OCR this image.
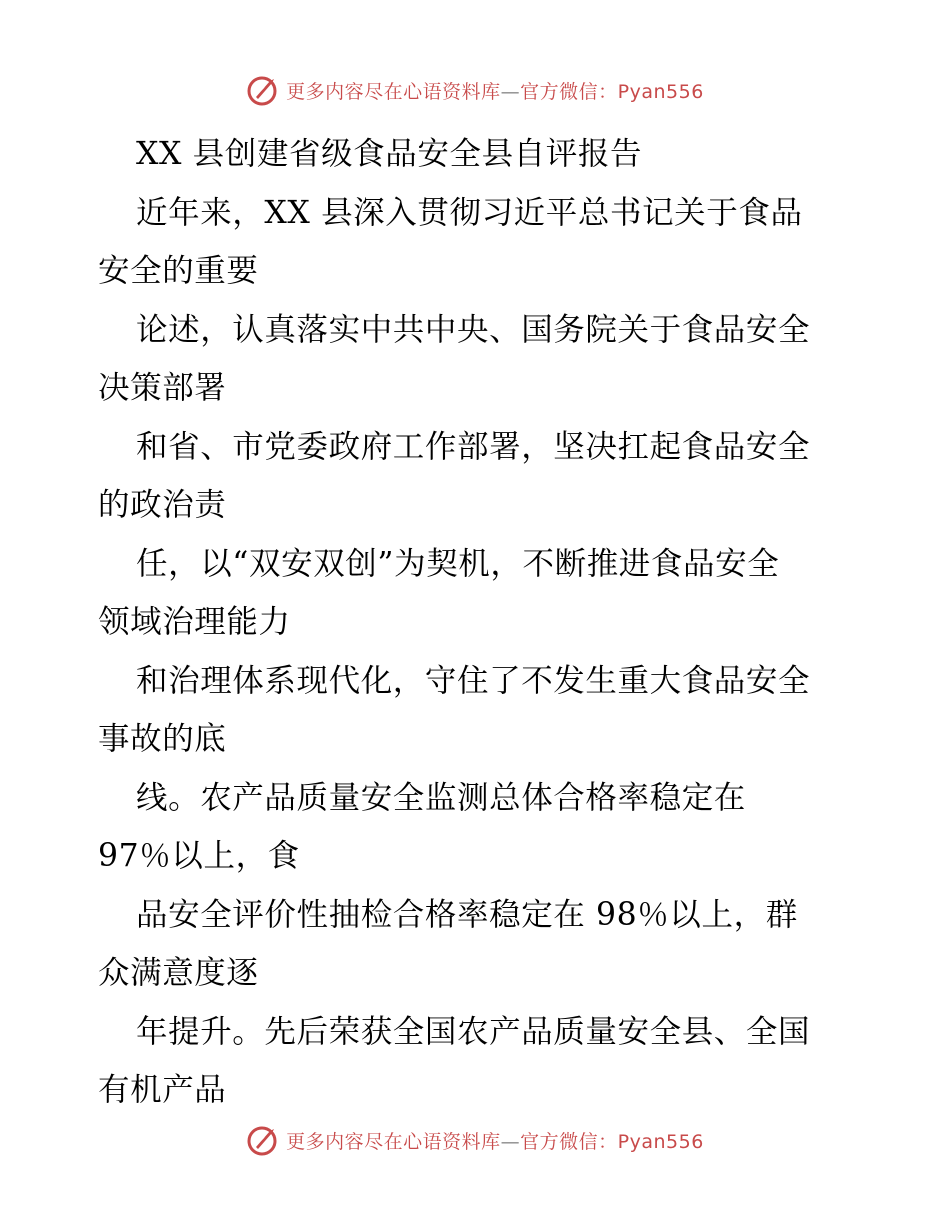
更多内容尽在心语资料库—官方微信：Pyan556
XX 县创建省级食品安全县自评报告
近年来，XX 县深入贯彻习近平总书记关于食品
安全的重要
论述，认真落实中共中央、国务院关于食品安全
决策部署
和省、市党委政府工作部署，坚决扛起食品安全
的政治责
任，以“双安双创”为契机，不断推进食品安全
领域治理能力
和治理体系现代化，守住了不发生重大食品安全
事故的底
线。农产品质量安全监测总体合格率稳定在
97％以上，食
品安全评价性抽检合格率稳定在 98％以上，群
众满意度逐
年提升。先后荣获全国农产品质量安全县、全国
有机产品
更多内容尽在心语资料库—官方微信：Pyan556
